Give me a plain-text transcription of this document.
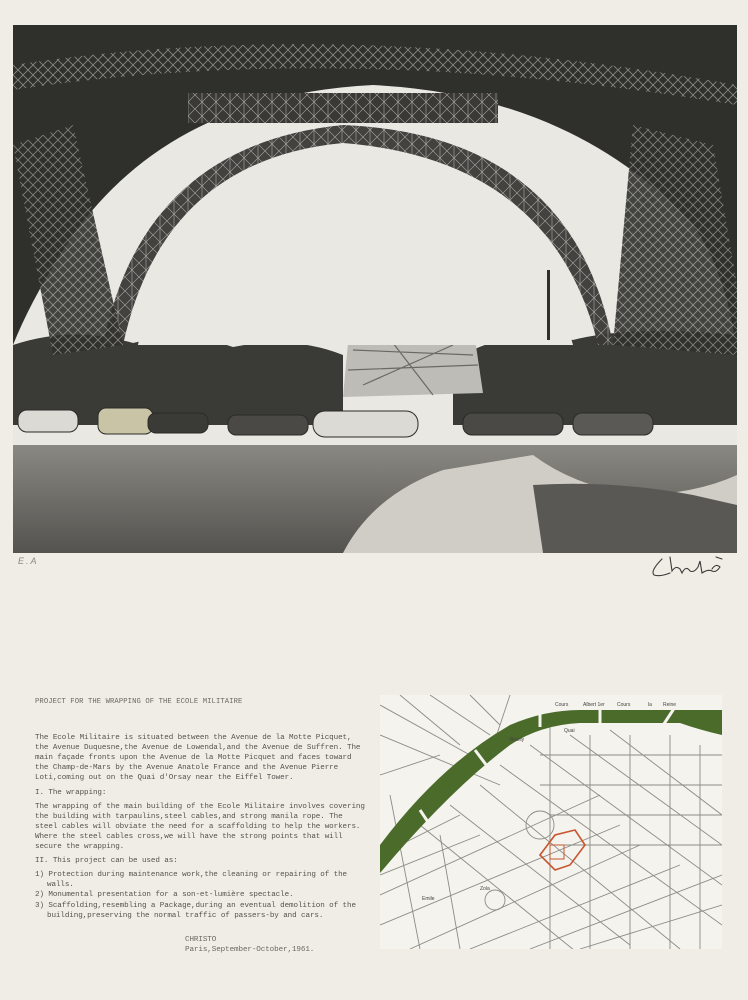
E.A

PROJECT FOR THE WRAPPING OF THE ECOLE MILITAIRE

The Ecole Militaire is situated between the Avenue de la Motte Picquet, the Avenue Duquesne,the Avenue de Lowendal,and the Avenue de Suffren. The main façade fronts upon the Avenue de la Motte Picquet and faces toward the Champ-de-Mars by the Avenue Anatole France and the Avenue Pierre Loti,coming out on the Quai d'Orsay near the Eiffel Tower.

I. The wrapping:

The wrapping of the main building of the Ecole Militaire involves covering the building with tarpaulins,steel cables,and strong manila rope. The steel cables will obviate the need for a scaffolding to help the workers. Where the steel cables cross,we will have the strong points that will secure the wrapping.

II. This project can be used as:

1) Protection during maintenance work,the cleaning or repairing of the walls.
2) Monumental presentation for a son-et-lumière spectacle.
3) Scaffolding,resembling a Package,during an eventual demolition of the building,preserving the normal traffic of passers-by and cars.
CHRISTO
Paris,September-October,1961.
Cours	Albert 1er Cours	la Reine
Quai
Branly
Emile
Zola
